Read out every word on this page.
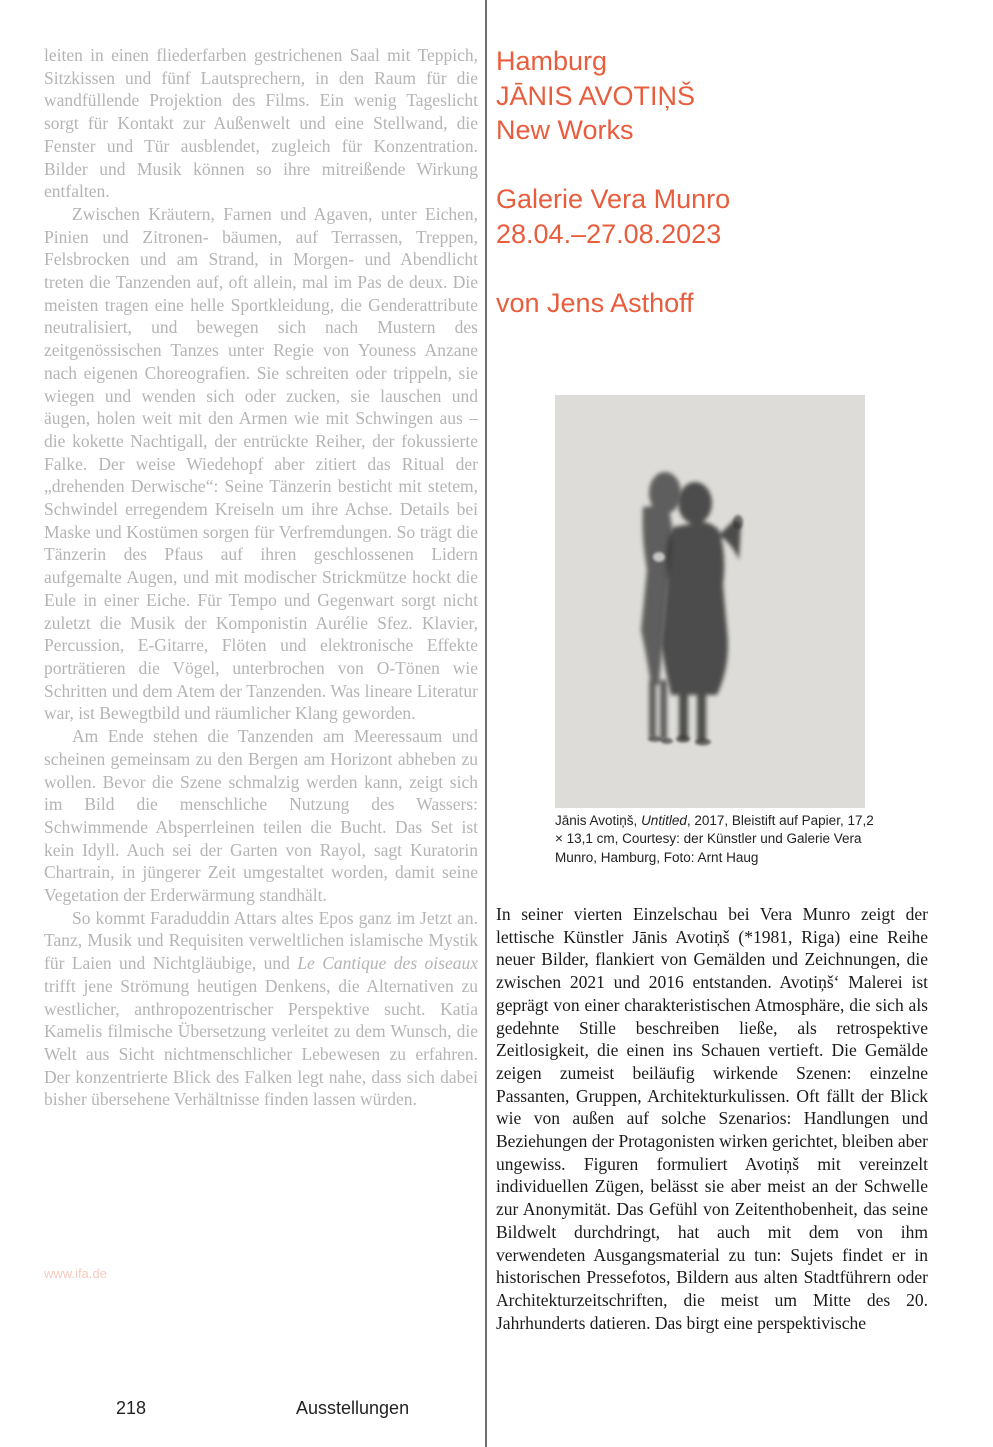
leiten in einen fliederfarben gestrichenen Saal mit Teppich, Sitzkissen und fünf Lautsprechern, in den Raum für die wandfüllende Projektion des Films. Ein wenig Tageslicht sorgt für Kontakt zur Außenwelt und eine Stellwand, die Fenster und Tür ausblendet, zugleich für Konzentration. Bilder und Musik können so ihre mitreißende Wirkung entfalten.

Zwischen Kräutern, Farnen und Agaven, unter Eichen, Pinien und Zitronen- bäumen, auf Terrassen, Treppen, Felsbrocken und am Strand, in Morgen- und Abendlicht treten die Tanzenden auf, oft allein, mal im Pas de deux. Die meisten tragen eine helle Sportkleidung, die Genderattribute neutralisiert, und bewegen sich nach Mustern des zeitgenössischen Tanzes unter Regie von Youness Anzane nach eigenen Choreografien. Sie schreiten oder trippeln, sie wiegen und wenden sich oder zucken, sie lauschen und äugen, holen weit mit den Armen wie mit Schwingen aus – die kokette Nachtigall, der entrückte Reiher, der fokussierte Falke. Der weise Wiedehopf aber zitiert das Ritual der „drehenden Derwische“: Seine Tänzerin besticht mit stetem, Schwindel erregendem Kreiseln um ihre Achse. Details bei Maske und Kostümen sorgen für Verfremdungen. So trägt die Tänzerin des Pfaus auf ihren geschlossenen Lidern aufgemalte Augen, und mit modischer Strickmütze hockt die Eule in einer Eiche. Für Tempo und Gegenwart sorgt nicht zuletzt die Musik der Komponistin Aurélie Sfez. Klavier, Percussion, E-Gitarre, Flöten und elektronische Effekte porträtieren die Vögel, unterbrochen von O-Tönen wie Schritten und dem Atem der Tanzenden. Was lineare Literatur war, ist Bewegtbild und räumlicher Klang geworden.

Am Ende stehen die Tanzenden am Meeressaum und scheinen gemeinsam zu den Bergen am Horizont abheben zu wollen. Bevor die Szene schmalzig werden kann, zeigt sich im Bild die menschliche Nutzung des Wassers: Schwimmende Absperrleinen teilen die Bucht. Das Set ist kein Idyll. Auch sei der Garten von Rayol, sagt Kuratorin Chartrain, in jüngerer Zeit umgestaltet worden, damit seine Vegetation der Erderwärmung standhält.

So kommt Faraduddin Attars altes Epos ganz im Jetzt an. Tanz, Musik und Requisiten verweltlichen islamische Mystik für Laien und Nichtgläubige, und Le Cantique des oiseaux trifft jene Strömung heutigen Denkens, die Alternativen zu westlicher, anthropozentrischer Perspektive sucht. Katia Kamelis filmische Übersetzung verleitet zu dem Wunsch, die Welt aus Sicht nichtmenschlicher Lebewesen zu erfahren. Der konzentrierte Blick des Falken legt nahe, dass sich dabei bisher übersehene Verhältnisse finden lassen würden.

www.ifa.de
218	Ausstellungen
Hamburg
JĀNIS AVOTIŅŠ
New Works
Galerie Vera Munro
28.04.–27.08.2023
von Jens Asthoff
Jānis Avotiņš, Untitled, 2017, Bleistift auf Papier, 17,2 × 13,1 cm, Courtesy: der Künstler und Galerie Vera Munro, Hamburg, Foto: Arnt Haug

In seiner vierten Einzelschau bei Vera Munro zeigt der lettische Künstler Jānis Avotiņš (*1981, Riga) eine Reihe neuer Bilder, flankiert von Gemälden und Zeichnungen, die zwischen 2021 und 2016 entstanden. Avotiņš‘ Malerei ist geprägt von einer charakteristischen Atmosphäre, die sich als gedehnte Stille beschreiben ließe, als retrospektive Zeitlosigkeit, die einen ins Schauen vertieft. Die Gemälde zeigen zumeist beiläufig wirkende Szenen: einzelne Passanten, Gruppen, Architekturkulissen. Oft fällt der Blick wie von außen auf solche Szenarios: Handlungen und Beziehungen der Protagonisten wirken gerichtet, bleiben aber ungewiss. Figuren formuliert Avotiņš mit vereinzelt individuellen Zügen, belässt sie aber meist an der Schwelle zur Anonymität. Das Gefühl von Zeitenthobenheit, das seine Bildwelt durchdringt, hat auch mit dem von ihm verwendeten Ausgangsmaterial zu tun: Sujets findet er in historischen Pressefotos, Bildern aus alten Stadtführern oder Architekturzeitschriften, die meist um Mitte des 20. Jahrhunderts datieren. Das birgt eine perspektivische
